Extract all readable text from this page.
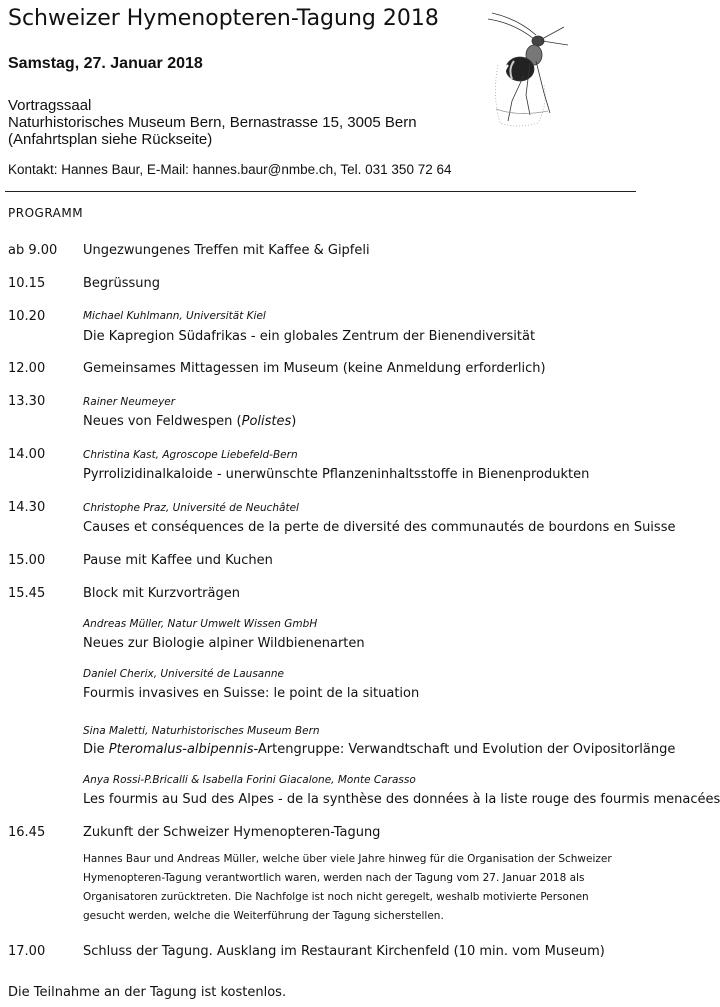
Schweizer Hymenopteren-Tagung 2018
Samstag, 27. Januar 2018
Vortragssaal
Naturhistorisches Museum Bern, Bernastrasse 15, 3005 Bern
(Anfahrtsplan siehe Rückseite)
Kontakt: Hannes Baur, E-Mail: hannes.baur@nmbe.ch, Tel. 031 350 72 64
PROGRAMM
ab 9.00 Ungezwungenes Treffen mit Kaffee & Gipfeli
10.15	Begrüssung
10.20	Michael Kuhlmann, Universität Kiel
Die Kapregion Südafrikas - ein globales Zentrum der Bienendiversität
12.00	Gemeinsames Mittagessen im Museum (keine Anmeldung erforderlich)
13.30	Rainer Neumeyer
Neues von Feldwespen (Polistes)
14.00	Christina Kast, Agroscope Liebefeld-Bern
Pyrrolizidinalkaloide - unerwünschte Pflanzeninhaltsstoffe in Bienenprodukten
14.30	Christophe Praz, Université de Neuchâtel
Causes et conséquences de la perte de diversité des communautés de bourdons en Suisse
15.00	Pause mit Kaffee und Kuchen
15.45	Block mit Kurzvorträgen
Andreas Müller, Natur Umwelt Wissen GmbH
Neues zur Biologie alpiner Wildbienenarten
Daniel Cherix, Université de Lausanne
Fourmis invasives en Suisse: le point de la situation
Sina Maletti, Naturhistorisches Museum Bern
Die Pteromalus-albipennis-Artengruppe: Verwandtschaft und Evolution der Ovipositorlänge
Anya Rossi-P.Bricalli & Isabella Forini Giacalone, Monte Carasso
Les fourmis au Sud des Alpes - de la synthèse des données à la liste rouge des fourmis menacées
16.45	Zukunft der Schweizer Hymenopteren-Tagung
Hannes Baur und Andreas Müller, welche über viele Jahre hinweg für die Organisation der Schweizer Hymenopteren-Tagung verantwortlich waren, werden nach der Tagung vom 27. Januar 2018 als Organisatoren zurücktreten. Die Nachfolge ist noch nicht geregelt, weshalb motivierte Personen gesucht werden, welche die Weiterführung der Tagung sicherstellen.
17.00	Schluss der Tagung. Ausklang im Restaurant Kirchenfeld (10 min. vom Museum)
Die Teilnahme an der Tagung ist kostenlos.
